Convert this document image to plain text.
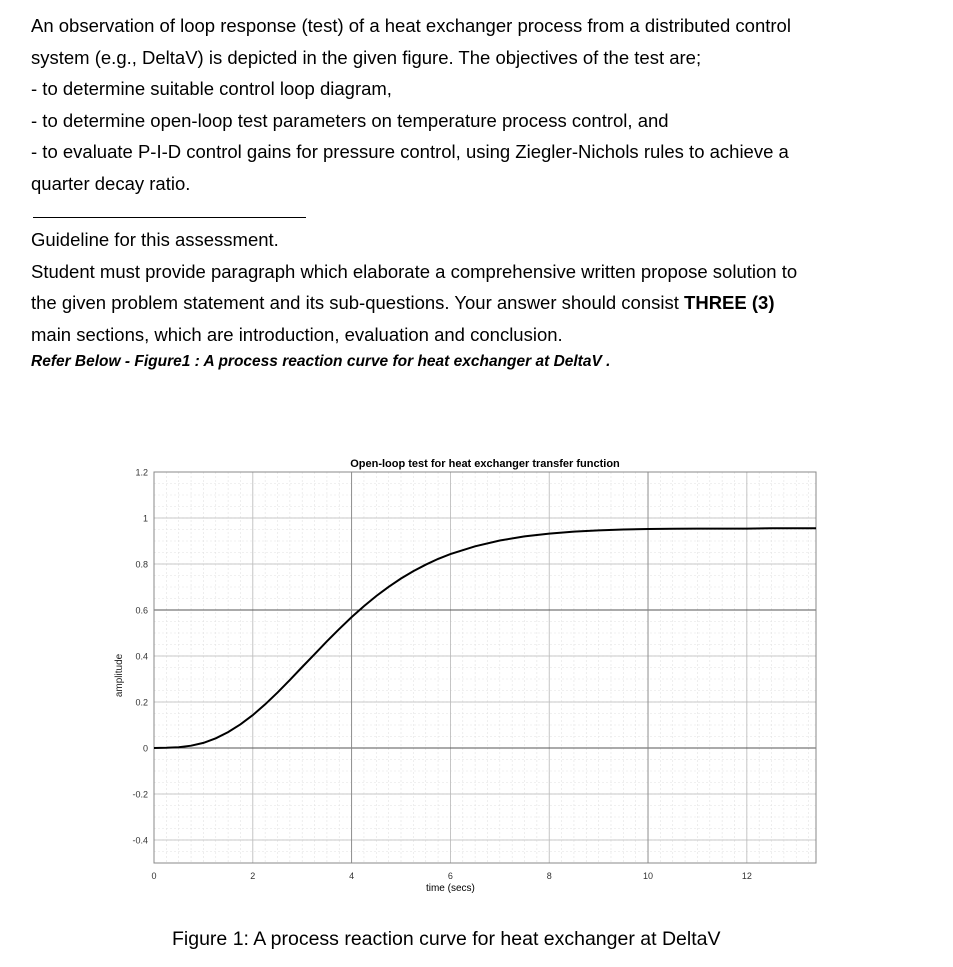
An observation of loop response (test) of a heat exchanger process from a distributed control
system (e.g., DeltaV) is depicted in the given figure. The objectives of the test are;
- to determine suitable control loop diagram,
- to determine open-loop test parameters on temperature process control, and
- to evaluate P-I-D control gains for pressure control, using Ziegler-Nichols rules to achieve a
quarter decay ratio.
Guideline for this assessment.
Student must provide paragraph which elaborate a comprehensive written propose solution to
the given problem statement and its sub-questions. Your answer should consist THREE (3)
main sections, which are introduction, evaluation and conclusion.
Refer Below - Figure1 : A process reaction curve for heat exchanger at DeltaV .
1.2
1
0.8
0.6
0.4
0.2
0
-0.2
-0.4
0	2	4	6	8	10	12
Open-loop test for heat exchanger transfer function
time (secs)
amplitude
Figure 1: A process reaction curve for heat exchanger at DeltaV
